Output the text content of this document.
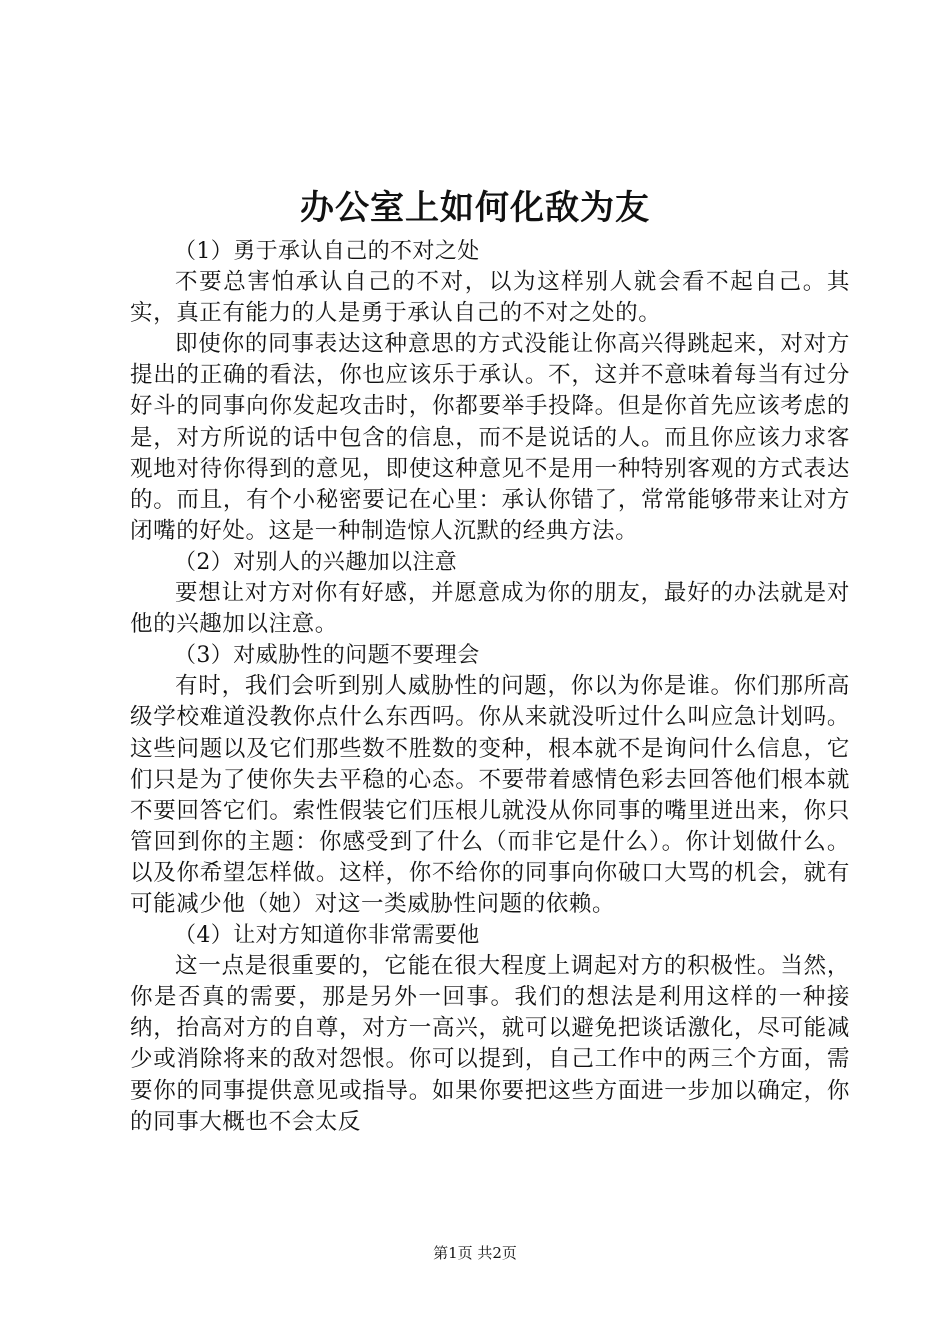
办公室上如何化敌为友

（1）勇于承认自己的不对之处

不要总害怕承认自己的不对，以为这样别人就会看不起自己。其实，真正有能力的人是勇于承认自己的不对之处的。

即使你的同事表达这种意思的方式没能让你高兴得跳起来，对对方提出的正确的看法，你也应该乐于承认。不，这并不意味着每当有过分好斗的同事向你发起攻击时，你都要举手投降。但是你首先应该考虑的是，对方所说的话中包含的信息，而不是说话的人。而且你应该力求客观地对待你得到的意见，即使这种意见不是用一种特别客观的方式表达的。而且，有个小秘密要记在心里：承认你错了，常常能够带来让对方闭嘴的好处。这是一种制造惊人沉默的经典方法。

（2）对别人的兴趣加以注意

要想让对方对你有好感，并愿意成为你的朋友，最好的办法就是对他的兴趣加以注意。

（3）对威胁性的问题不要理会

有时，我们会听到别人威胁性的问题，你以为你是谁。你们那所高级学校难道没教你点什么东西吗。你从来就没听过什么叫应急计划吗。这些问题以及它们那些数不胜数的变种，根本就不是询问什么信息，它们只是为了使你失去平稳的心态。不要带着感情色彩去回答他们根本就不要回答它们。索性假装它们压根儿就没从你同事的嘴里迸出来，你只管回到你的主题：你感受到了什么（而非它是什么）。你计划做什么。以及你希望怎样做。这样，你不给你的同事向你破口大骂的机会，就有可能减少他（她）对这一类威胁性问题的依赖。

（4）让对方知道你非常需要他

这一点是很重要的，它能在很大程度上调起对方的积极性。当然，你是否真的需要，那是另外一回事。我们的想法是利用这样的一种接纳，抬高对方的自尊，对方一高兴，就可以避免把谈话激化，尽可能减少或消除将来的敌对怨恨。你可以提到，自己工作中的两三个方面，需要你的同事提供意见或指导。如果你要把这些方面进一步加以确定，你的同事大概也不会太反

第1页 共2页
